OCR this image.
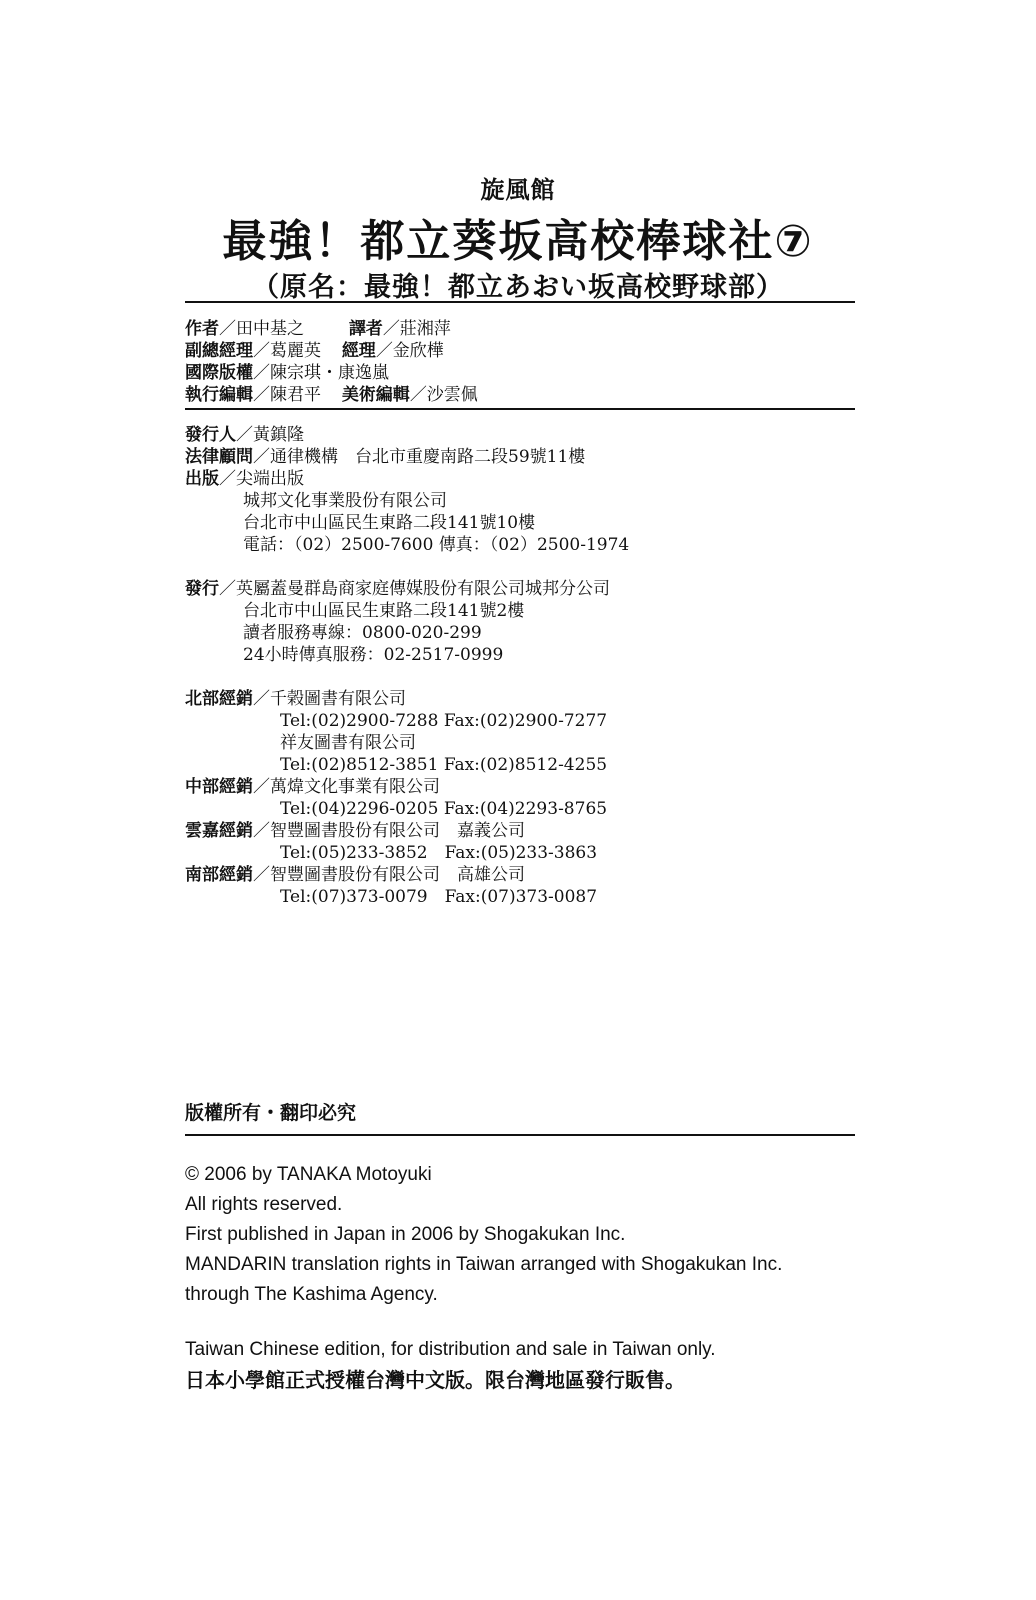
旋風館
最強！都立葵坂高校棒球社⑦
（原名：最強！都立あおい坂高校野球部）
作者／田中基之	譯者／莊湘萍
副總經理／葛麗英 經理／金欣樺
國際版權／陳宗琪・康逸嵐
執行編輯／陳君平 美術編輯／沙雲佩
發行人／黃鎮隆
法律顧問／通律機構　台北市重慶南路二段59號11樓
出版／尖端出版
城邦文化事業股份有限公司
台北市中山區民生東路二段141號10樓
電話：（02）2500-7600 傳真：（02）2500-1974
發行／英屬蓋曼群島商家庭傳媒股份有限公司城邦分公司
台北市中山區民生東路二段141號2樓
讀者服務專線：0800-020-299
24小時傳真服務：02-2517-0999
北部經銷／千榖圖書有限公司
Tel:(02)2900-7288 Fax:(02)2900-7277
祥友圖書有限公司
Tel:(02)8512-3851 Fax:(02)8512-4255
中部經銷／萬煒文化事業有限公司
Tel:(04)2296-0205 Fax:(04)2293-8765
雲嘉經銷／智豐圖書股份有限公司　嘉義公司
Tel:(05)233-3852　Fax:(05)233-3863
南部經銷／智豐圖書股份有限公司　高雄公司
Tel:(07)373-0079　Fax:(07)373-0087
版權所有・翻印必究
© 2006 by TANAKA Motoyuki
All rights reserved.
First published in Japan in 2006 by Shogakukan Inc.
MANDARIN translation rights in Taiwan arranged with Shogakukan Inc.
through The Kashima Agency.
Taiwan Chinese edition, for distribution and sale in Taiwan only.
日本小學館正式授權台灣中文版。限台灣地區發行販售。
